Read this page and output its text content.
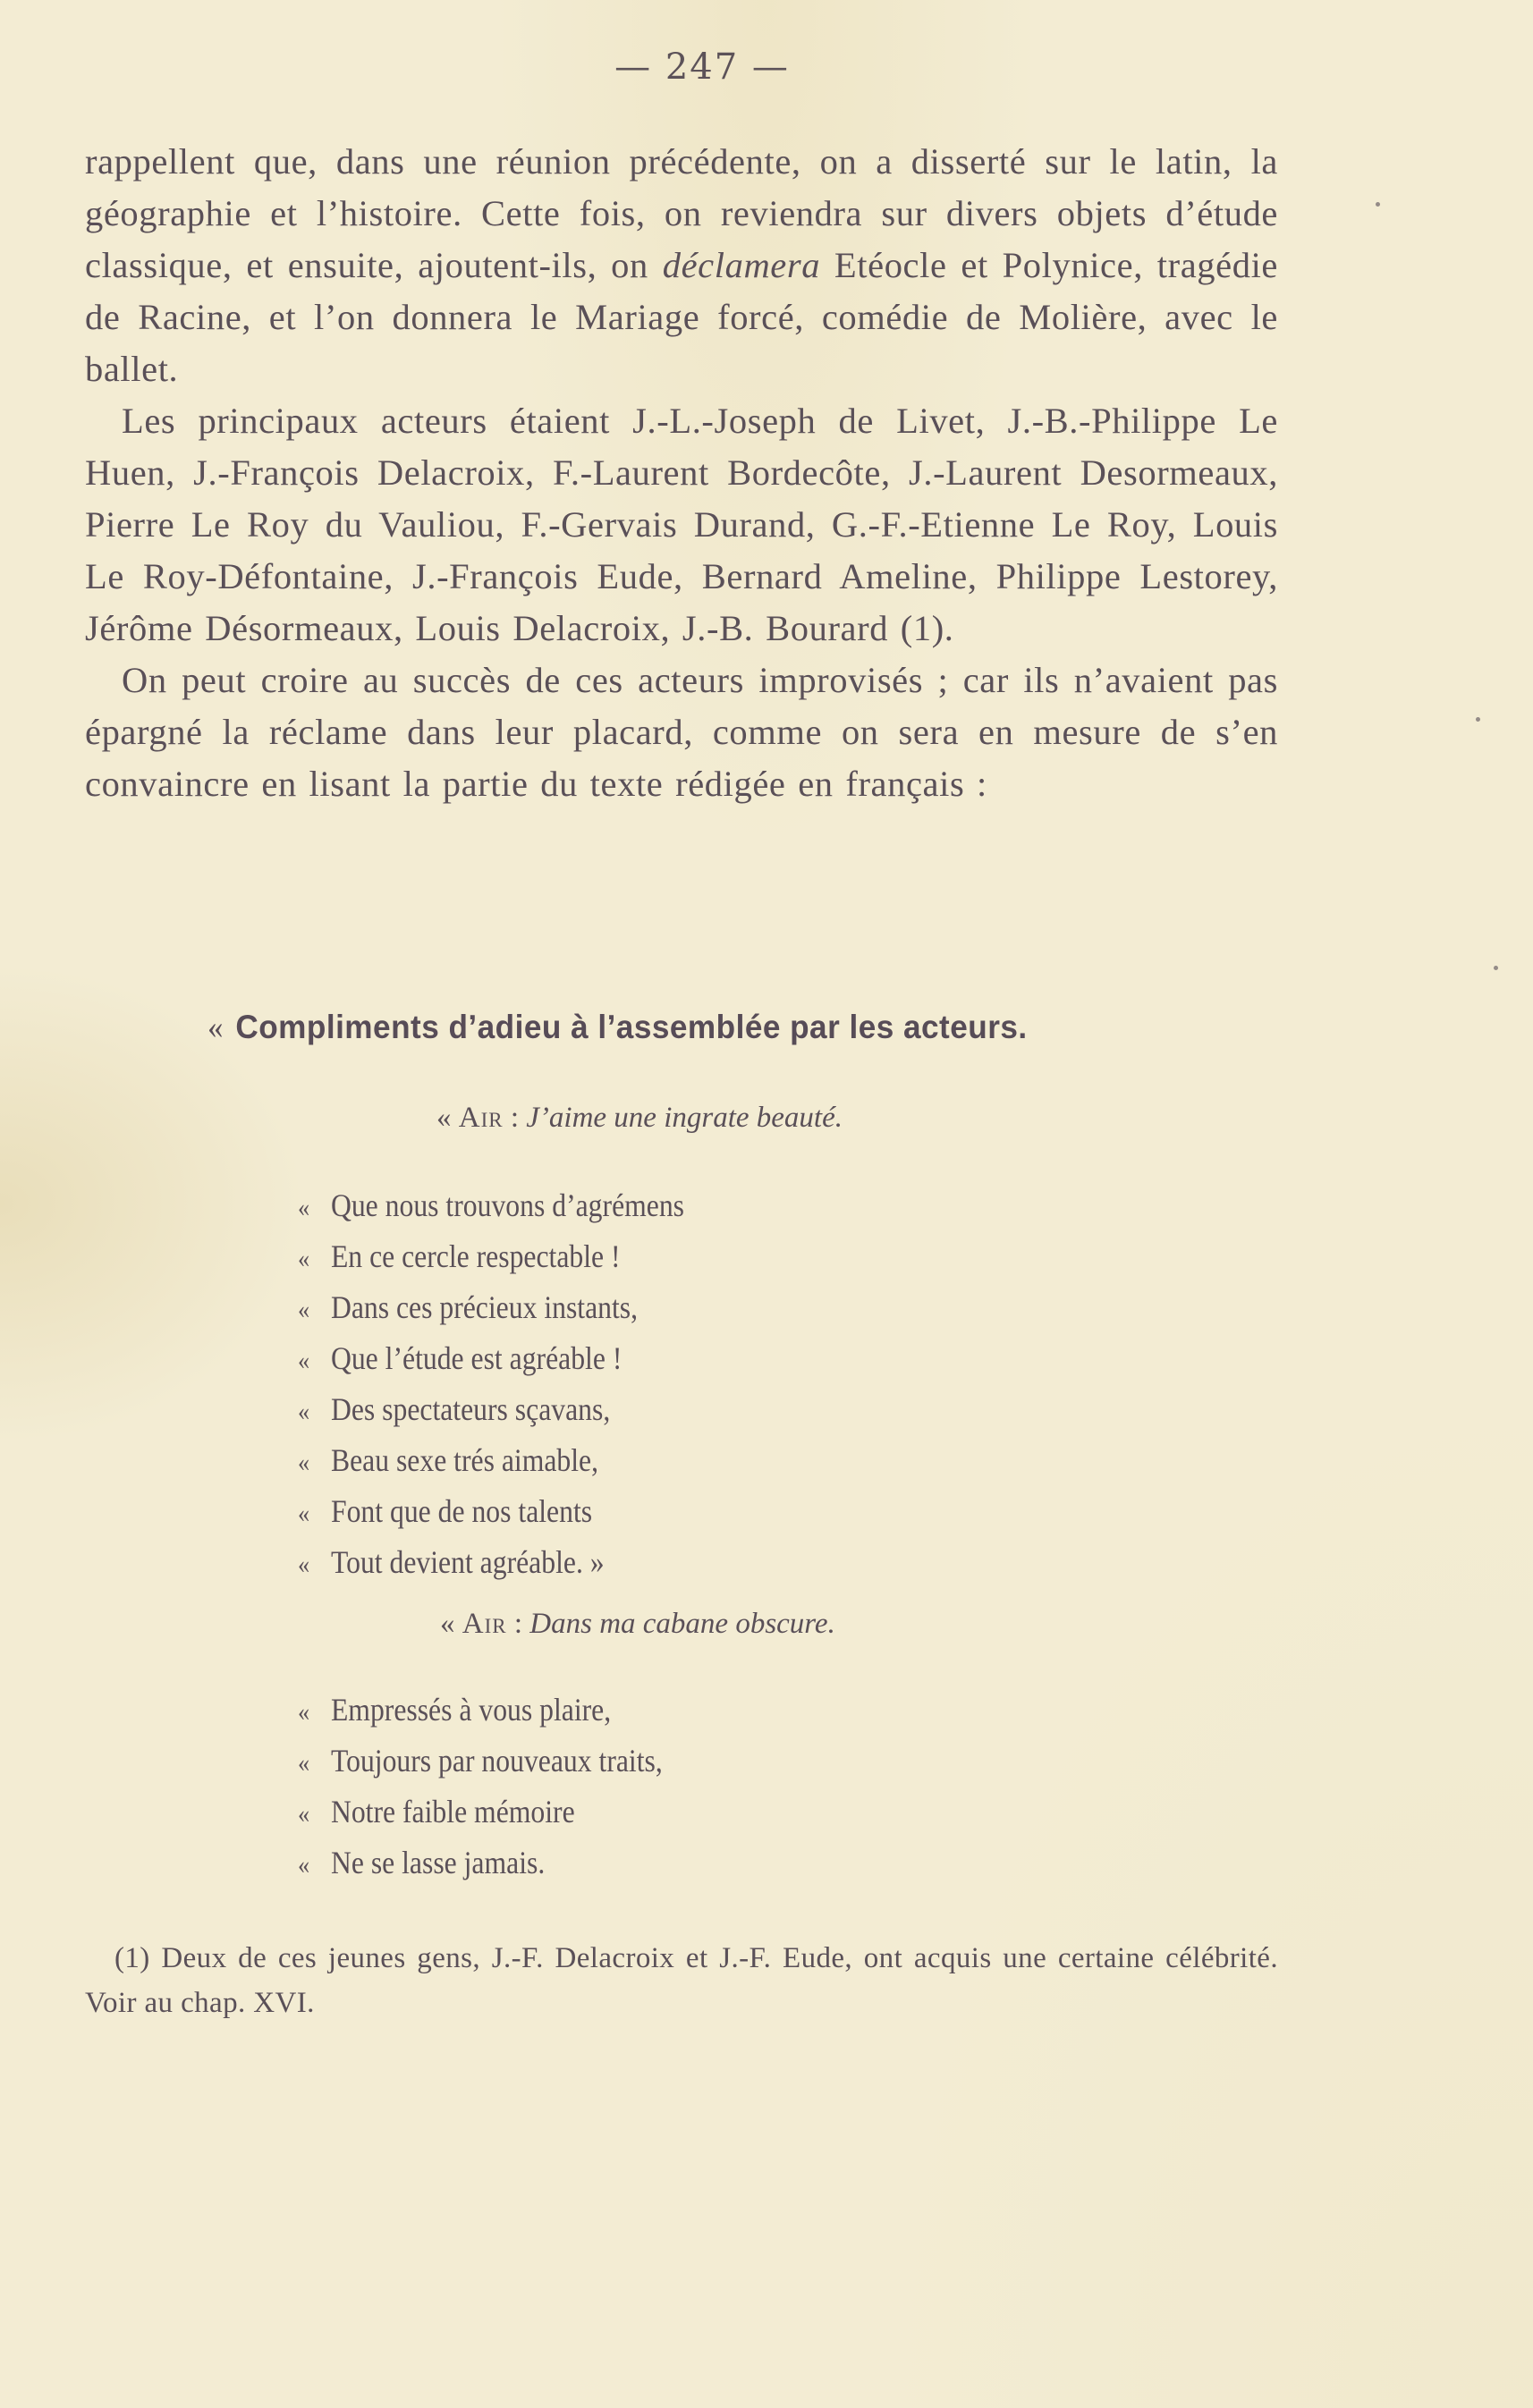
— 247 —

rappellent que, dans une réunion précédente, on a disserté sur le latin, la géographie et l’histoire. Cette fois, on reviendra sur divers objets d’étude classique, et ensuite, ajoutent-ils, on déclamera Etéocle et Polynice, tragédie de Racine, et l’on donnera le Mariage forcé, comédie de Molière, avec le ballet.

Les principaux acteurs étaient J.-L.-Joseph de Livet, J.-B.-Philippe Le Huen, J.-François Delacroix, F.-Laurent Bordecôte, J.-Laurent Desormeaux, Pierre Le Roy du Vauliou, F.-Gervais Durand, G.-F.-Etienne Le Roy, Louis Le Roy-Défontaine, J.-François Eude, Bernard Ameline, Philippe Lestorey, Jérôme Désormeaux, Louis Delacroix, J.-B. Bourard (1).

On peut croire au succès de ces acteurs improvisés ; car ils n’avaient pas épargné la réclame dans leur placard, comme on sera en mesure de s’en convaincre en lisant la partie du texte rédigée en français :

« Compliments d’adieu à l’assemblée par les acteurs.
« Air : J’aime une ingrate beauté.
« Que nous trouvons d’agrémens
« En ce cercle respectable !
« Dans ces précieux instants,
« Que l’étude est agréable !
« Des spectateurs sçavans,
« Beau sexe trés aimable,
« Font que de nos talents
« Tout devient agréable. »
« Air : Dans ma cabane obscure.
« Empressés à vous plaire,
« Toujours par nouveaux traits,
« Notre faible mémoire
« Ne se lasse jamais.

(1) Deux de ces jeunes gens, J.-F. Delacroix et J.-F. Eude, ont acquis une certaine célébrité. Voir au chap. XVI.
